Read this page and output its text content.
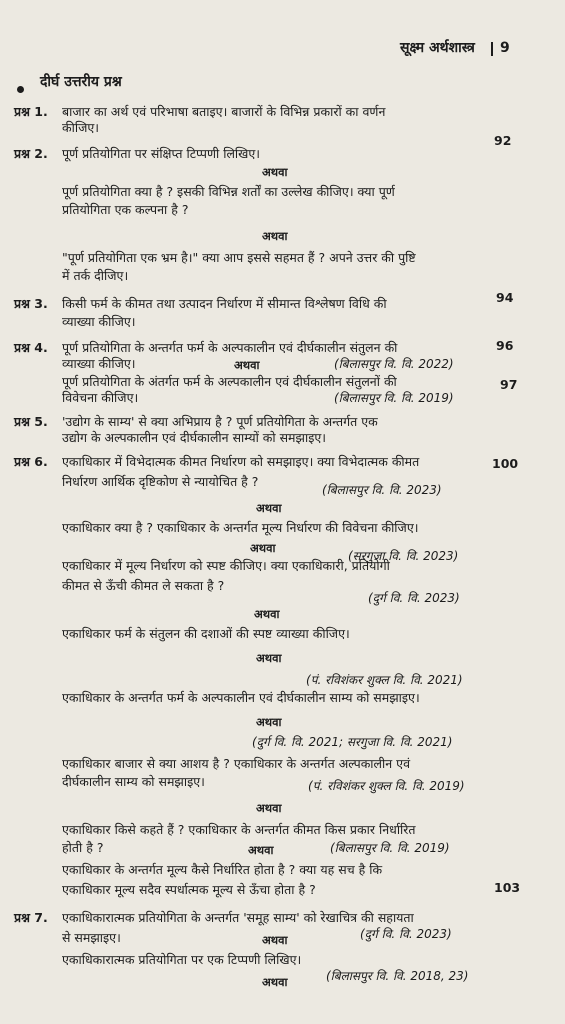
सूक्ष्म अर्थशास्त्र 9
दीर्घ उत्तरीय प्रश्न
प्रश्न 1. बाजार का अर्थ एवं परिभाषा बताइए। बाजारों के विभिन्न प्रकारों का वर्णन
कीजिए।
92
प्रश्न 2. पूर्ण प्रतियोगिता पर संक्षिप्त टिप्पणी लिखिए।
अथवा
पूर्ण प्रतियोगिता क्या है ? इसकी विभिन्न शर्तों का उल्लेख कीजिए। क्या पूर्ण
प्रतियोगिता एक कल्पना है ?
अथवा
"पूर्ण प्रतियोगिता एक भ्रम है।" क्या आप इससे सहमत हैं ? अपने उत्तर की पुष्टि
में तर्क दीजिए।
94
प्रश्न 3. किसी फर्म के कीमत तथा उत्पादन निर्धारण में सीमान्त विश्लेषण विधि की
व्याख्या कीजिए।
96
प्रश्न 4. पूर्ण प्रतियोगिता के अन्तर्गत फर्म के अल्पकालीन एवं दीर्घकालीन संतुलन की
व्याख्या कीजिए।	अथवा	(बिलासपुर वि. वि. 2022)
पूर्ण प्रतियोगिता के अंतर्गत फर्म के अल्पकालीन एवं दीर्घकालीन संतुलनों की	97
विवेचना कीजिए।	(बिलासपुर वि. वि. 2019)
प्रश्न 5. 'उद्योग के साम्य' से क्या अभिप्राय है ? पूर्ण प्रतियोगिता के अन्तर्गत एक
उद्योग के अल्पकालीन एवं दीर्घकालीन साम्यों को समझाइए।
100
प्रश्न 6. एकाधिकार में विभेदात्मक कीमत निर्धारण को समझाइए। क्या विभेदात्मक कीमत
निर्धारण आर्थिक दृष्टिकोण से न्यायोचित है ?
(बिलासपुर वि. वि. 2023)
अथवा
एकाधिकार क्या है ? एकाधिकार के अन्तर्गत मूल्य निर्धारण की विवेचना कीजिए।
अथवा
(सरगुजा वि. वि. 2023)
एकाधिकार में मूल्य निर्धारण को स्पष्ट कीजिए। क्या एकाधिकारी, प्रतियोगी
कीमत से ऊँची कीमत ले सकता है ?
(दुर्ग वि. वि. 2023)
अथवा
एकाधिकार फर्म के संतुलन की दशाओं की स्पष्ट व्याख्या कीजिए।
अथवा
(पं. रविशंकर शुक्ल वि. वि. 2021)
एकाधिकार के अन्तर्गत फर्म के अल्पकालीन एवं दीर्घकालीन साम्य को समझाइए।
अथवा
(दुर्ग वि. वि. 2021; सरगुजा वि. वि. 2021)
एकाधिकार बाजार से क्या आशय है ? एकाधिकार के अन्तर्गत अल्पकालीन एवं
दीर्घकालीन साम्य को समझाइए।	(पं. रविशंकर शुक्ल वि. वि. 2019)
अथवा
एकाधिकार किसे कहते हैं ? एकाधिकार के अन्तर्गत कीमत किस प्रकार निर्धारित
होती है ?	अथवा	(बिलासपुर वि. वि. 2019)
एकाधिकार के अन्तर्गत मूल्य कैसे निर्धारित होता है ? क्या यह सच है कि
एकाधिकार मूल्य सदैव स्पर्धात्मक मूल्य से ऊँचा होता है ?	103
प्रश्न 7. एकाधिकारात्मक प्रतियोगिता के अन्तर्गत 'समूह साम्य' को रेखाचित्र की सहायता
से समझाइए।	अथवा	(दुर्ग वि. वि. 2023)
एकाधिकारात्मक प्रतियोगिता पर एक टिप्पणी लिखिए।
अथवा	(बिलासपुर वि. वि. 2018, 23)
